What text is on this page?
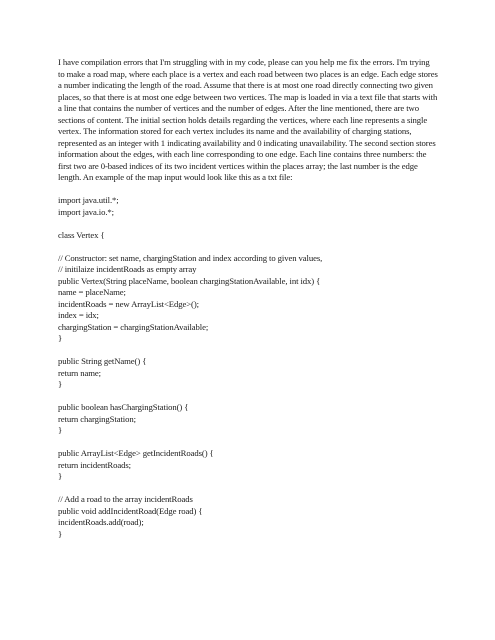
I have compilation errors that I'm struggling with in my code, please can you help me fix the errors. I'm trying to make a road map, where each place is a vertex and each road between two places is an edge. Each edge stores a number indicating the length of the road. Assume that there is at most one road directly connecting two given places, so that there is at most one edge between two vertices. The map is loaded in via a text file that starts with a line that contains the number of vertices and the number of edges. After the line mentioned, there are two sections of content. The initial section holds details regarding the vertices, where each line represents a single vertex. The information stored for each vertex includes its name and the availability of charging stations, represented as an integer with 1 indicating availability and 0 indicating unavailability. The second section stores information about the edges, with each line corresponding to one edge. Each line contains three numbers: the first two are 0-based indices of its two incident vertices within the places array; the last number is the edge length. An example of the map input would look like this as a txt file:

import java.util.*;
import java.io.*;
class Vertex {
// Constructor: set name, chargingStation and index according to given values,
// initilaize incidentRoads as empty array
public Vertex(String placeName, boolean chargingStationAvailable, int idx) {
name = placeName;
incidentRoads = new ArrayList<Edge>();
index = idx;
chargingStation = chargingStationAvailable;
}
public String getName() {
return name;
}
public boolean hasChargingStation() {
return chargingStation;
}
public ArrayList<Edge> getIncidentRoads() {
return incidentRoads;
}
// Add a road to the array incidentRoads
public void addIncidentRoad(Edge road) {
incidentRoads.add(road);
}
